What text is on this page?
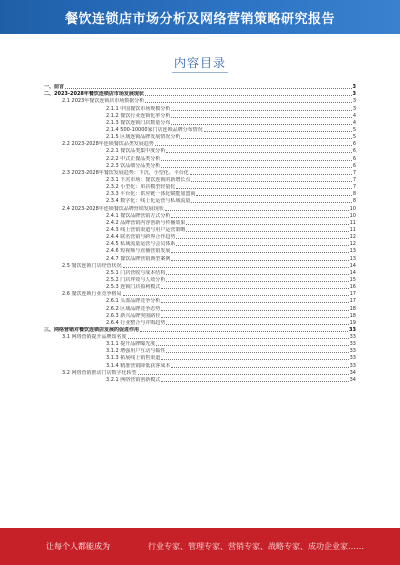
餐饮连锁店市场分析及网络营销策略研究报告
内容目录
一、前言	3
二、2023-2028年餐饮连锁店市场发展现状	3
2.1 2023年餐饮连锁店市场数据分析	3
2.1.1 中国餐饮市场规模分析	3
2.1.2 餐饮行业连锁化率分析	4
2.1.3 餐饮连锁门店数量分布	4
2.1.4 500-10000家门店连锁品牌分布情况	5
2.1.5 区域连锁品牌发展情况分析	5
2.2 2023-2028年连锁餐饮品类发展趋势	6
2.2.1 餐饮品类集中度分析	6
2.2.2 中式正餐品类分析	6
2.2.3 饮品细分品类分析	6
2.3 2023-2028年餐饮发展趋势：下沉、小型化、平台化	7
2.3.1 下沉市场：餐饮连锁的新增长点	7
2.3.2 小型化：单店模型轻量化	7
2.3.3 平台化：供应链一体化赋能加盟商	8
2.3.4 数字化：线上化运营与私域流量	8
2.4 2023-2028年连锁餐饮品牌营销发展现状	10
2.4.1 餐饮品牌营销方式分析	10
2.4.2 品牌营销内容创新与传播效果	11
2.4.3 线上营销渠道与用户运营策略	11
2.4.4 联名营销与跨界合作趋势	12
2.4.5 私域流量运营与会员体系	12
2.4.6 短视频与直播营销发展	13
2.4.7 餐饮品牌营销典型案例	13
2.5 餐饮连锁门店经营状况	14
2.5.1 门店营收与成本结构	14
2.5.2 门店坪效与人效分析	15
2.5.3 连锁门店盈利模式	16
2.6 餐饮连锁行业竞争格局	17
2.6.1 头部品牌竞争分析	17
2.6.2 区域品牌竞争态势	18
2.6.3 新兴品牌突围路径	18
2.6.4 行业整合与并购趋势	19
三、网络营销对餐饮连锁店发展的促进作用	33
3.1 网络营销提升品牌知名度	33
3.1.1 提升品牌曝光度	33
3.1.2 增强用户互动与黏性	33
3.1.3 拓展线上销售渠道	33
3.1.4 精准营销降低获客成本	33
3.2 网络营销推动门店数字化转型	34
3.2.1 网络营销创新模式	34
让每个人都能成为	行业专家、管理专家、营销专家、战略专家、成功企业家……
